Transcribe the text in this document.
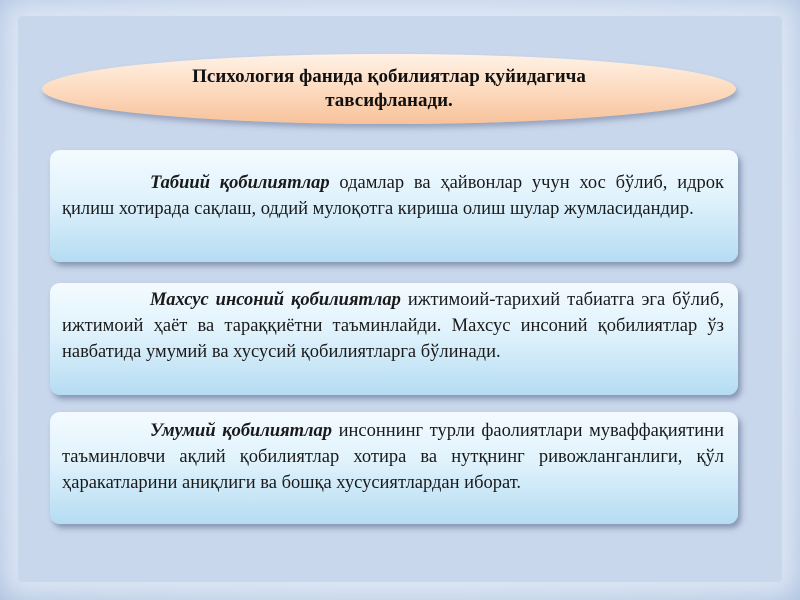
Психология фанида қобилиятлар қуйидагича тавсифланади.

Табиий қобилиятлар одамлар ва ҳайвонлар учун хос бўлиб, идрок қилиш хотирада сақлаш, оддий мулоқотга кириша олиш шулар жумласидандир.

Махсус инсоний қобилиятлар ижтимоий-тарихий табиатга эга бўлиб, ижтимоий ҳаёт ва тараққиётни таъминлайди. Махсус инсоний қобилиятлар ўз навбатида умумий ва хусусий қобилиятларга бўлинади.

Умумий қобилиятлар инсоннинг турли фаолиятлари муваффақиятини таъминловчи ақлий қобилиятлар хотира ва нутқнинг ривожланганлиги, қўл ҳаракатларини аниқлиги ва бошқа хусусиятлардан иборат.
